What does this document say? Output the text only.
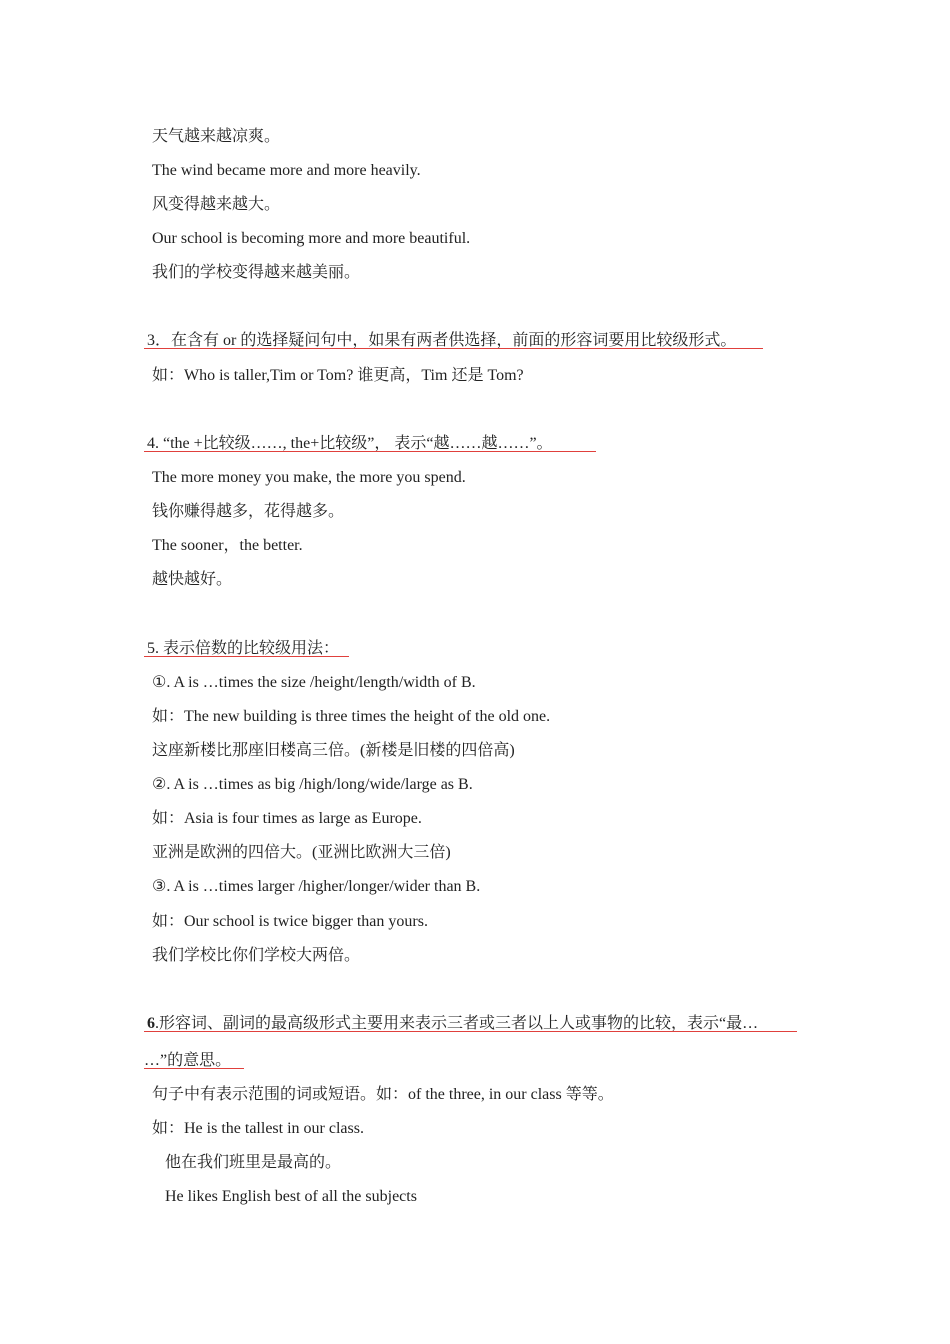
天气越来越凉爽。
The wind became more and more heavily.
风变得越来越大。
Our school is becoming more and more beautiful.
我们的学校变得越来越美丽。
3．在含有 or 的选择疑问句中，如果有两者供选择，前面的形容词要用比较级形式。
如：Who is taller,Tim or Tom? 谁更高，Tim 还是 Tom?
4. “the +比较级……, the+比较级”， 表示“越……越……”。
The more money you make, the more you spend.
钱你赚得越多，花得越多。
The sooner，the better.
越快越好。
5. 表示倍数的比较级用法：
①. A is …times the size /height/length/width of B.
如：The new building is three times the height of the old one.
这座新楼比那座旧楼高三倍。(新楼是旧楼的四倍高)
②. A is …times as big /high/long/wide/large as B.
如：Asia is four times as large as Europe.
亚洲是欧洲的四倍大。(亚洲比欧洲大三倍)
③. A is …times larger /higher/longer/wider than B.
如：Our school is twice bigger than yours.
我们学校比你们学校大两倍。
6.形容词、副词的最高级形式主要用来表示三者或三者以上人或事物的比较，表示“最…
…”的意思。
句子中有表示范围的词或短语。如：of the three, in our class 等等。
如：He is the tallest in our class.
他在我们班里是最高的。
He likes English best of all the subjects
